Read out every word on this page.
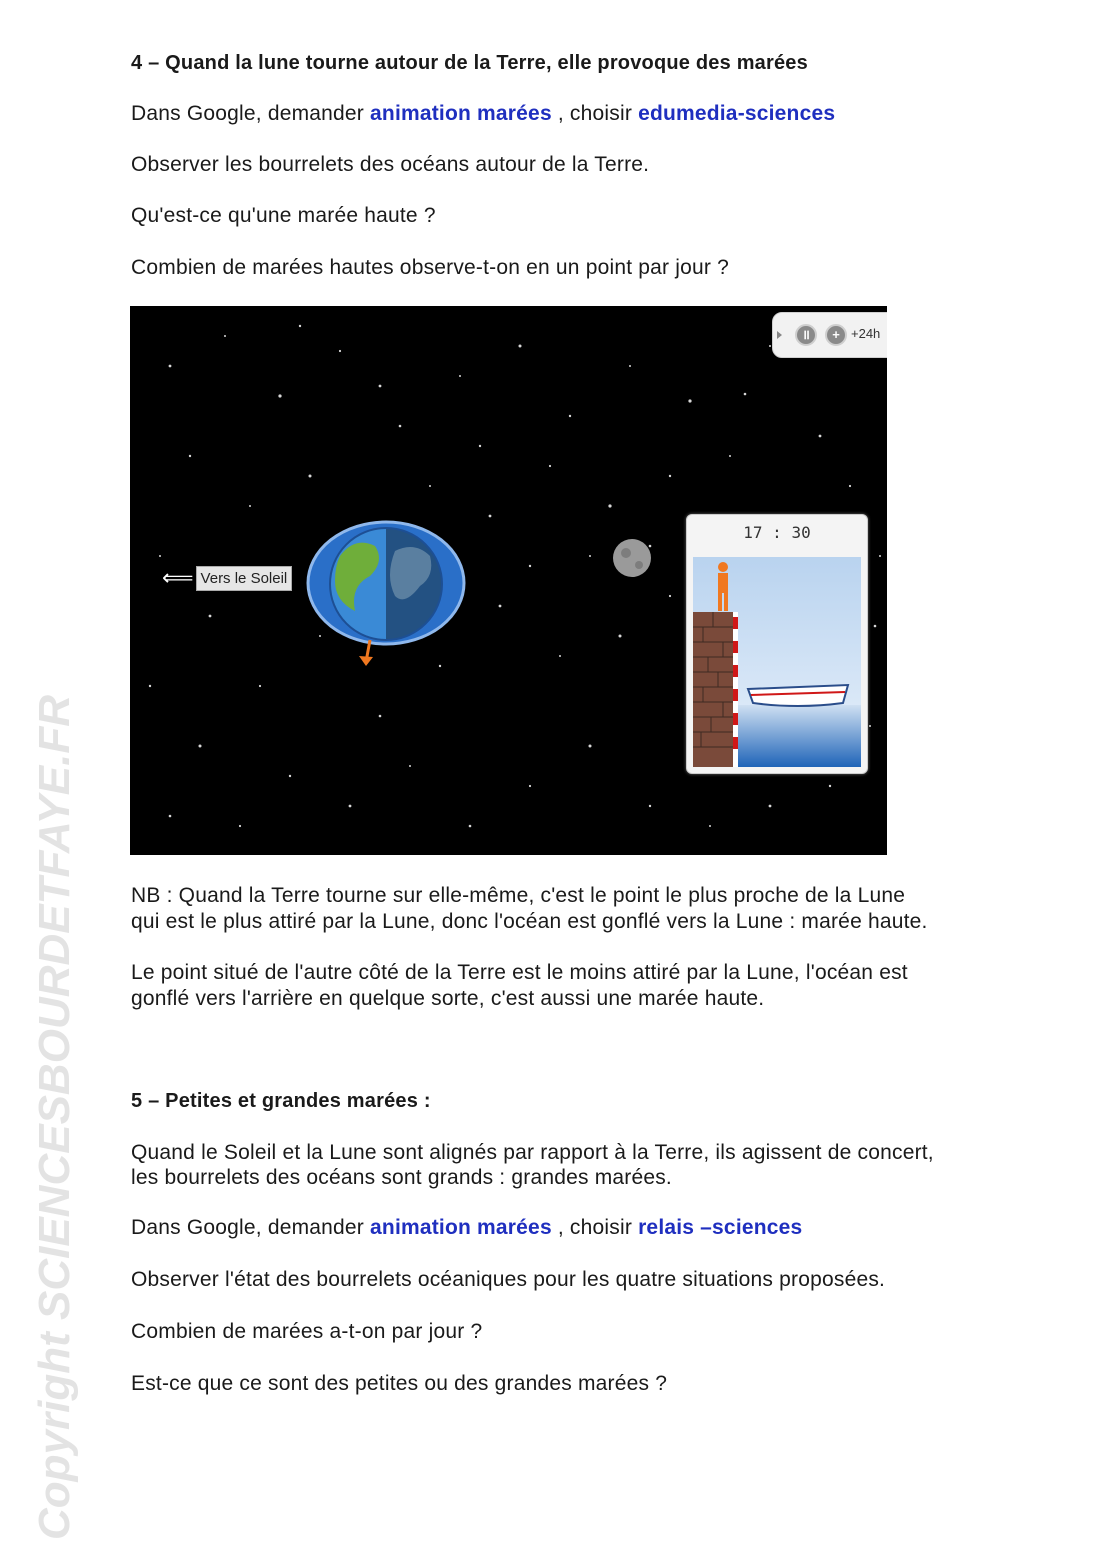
Copyright SCIENCESBOURDETFAYE.FR
4 – Quand la lune tourne autour de la Terre, elle provoque des marées
Dans Google, demander animation marées , choisir edumedia-sciences
Observer les bourrelets des océans autour de la Terre.
Qu'est-ce qu'une marée haute ?
Combien de marées hautes observe-t-on en un point par jour ?
॥	+ +24h
⟸ Vers le Soleil
17 : 30
NB : Quand la Terre tourne sur elle-même, c'est le point le plus proche de la Lune
qui est le plus attiré par la Lune, donc l'océan est gonflé vers la Lune : marée haute.
Le point situé de l'autre côté de la Terre est le moins attiré par la Lune, l'océan est
gonflé vers l'arrière en quelque sorte, c'est aussi une marée haute.
5 – Petites et grandes marées :
Quand le Soleil et la Lune sont alignés par rapport à la Terre, ils agissent de concert,
les bourrelets des océans sont grands : grandes marées.
Dans Google, demander animation marées , choisir relais –sciences
Observer l'état des bourrelets océaniques pour les quatre situations proposées.
Combien de marées a-t-on par jour ?
Est-ce que ce sont des petites ou des grandes marées ?
